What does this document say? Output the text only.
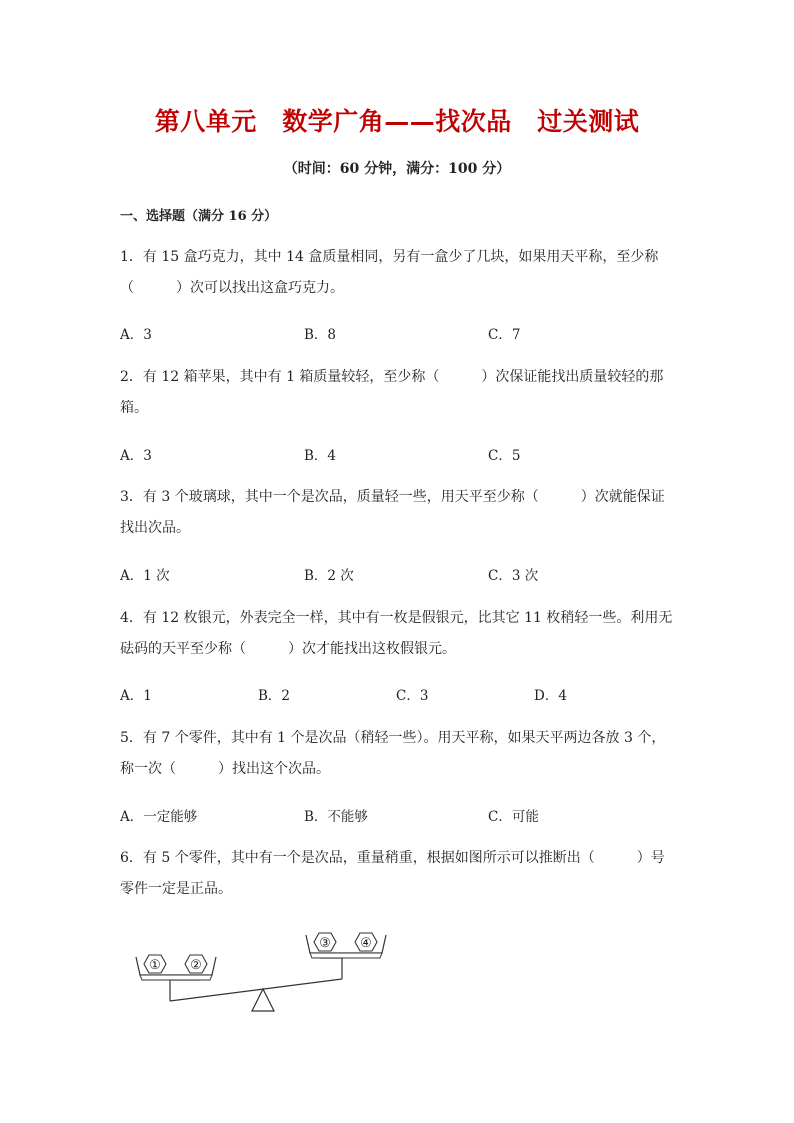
第八单元　数学广角——找次品　过关测试
（时间：60 分钟，满分：100 分）
一、选择题（满分 16 分）
1．有 15 盒巧克力，其中 14 盒质量相同，另有一盒少了几块，如果用天平称，至少称（　　　）次可以找出这盒巧克力。
A．3	B．8	C．7
2．有 12 箱苹果，其中有 1 箱质量较轻，至少称（　　　）次保证能找出质量较轻的那箱。
A．3	B．4	C．5
3．有 3 个玻璃球，其中一个是次品，质量轻一些，用天平至少称（　　　）次就能保证找出次品。
A．1 次	B．2 次	C．3 次
4．有 12 枚银元，外表完全一样，其中有一枚是假银元，比其它 11 枚稍轻一些。利用无砝码的天平至少称（　　　）次才能找出这枚假银元。
A．1	B．2	C．3	D．4
5．有 7 个零件，其中有 1 个是次品（稍轻一些）。用天平称，如果天平两边各放 3 个，称一次（　　　）找出这个次品。
A．一定能够	B．不能够	C．可能
6．有 5 个零件，其中有一个是次品，重量稍重，根据如图所示可以推断出（　　　）号零件一定是正品。
① ②
③ ④
